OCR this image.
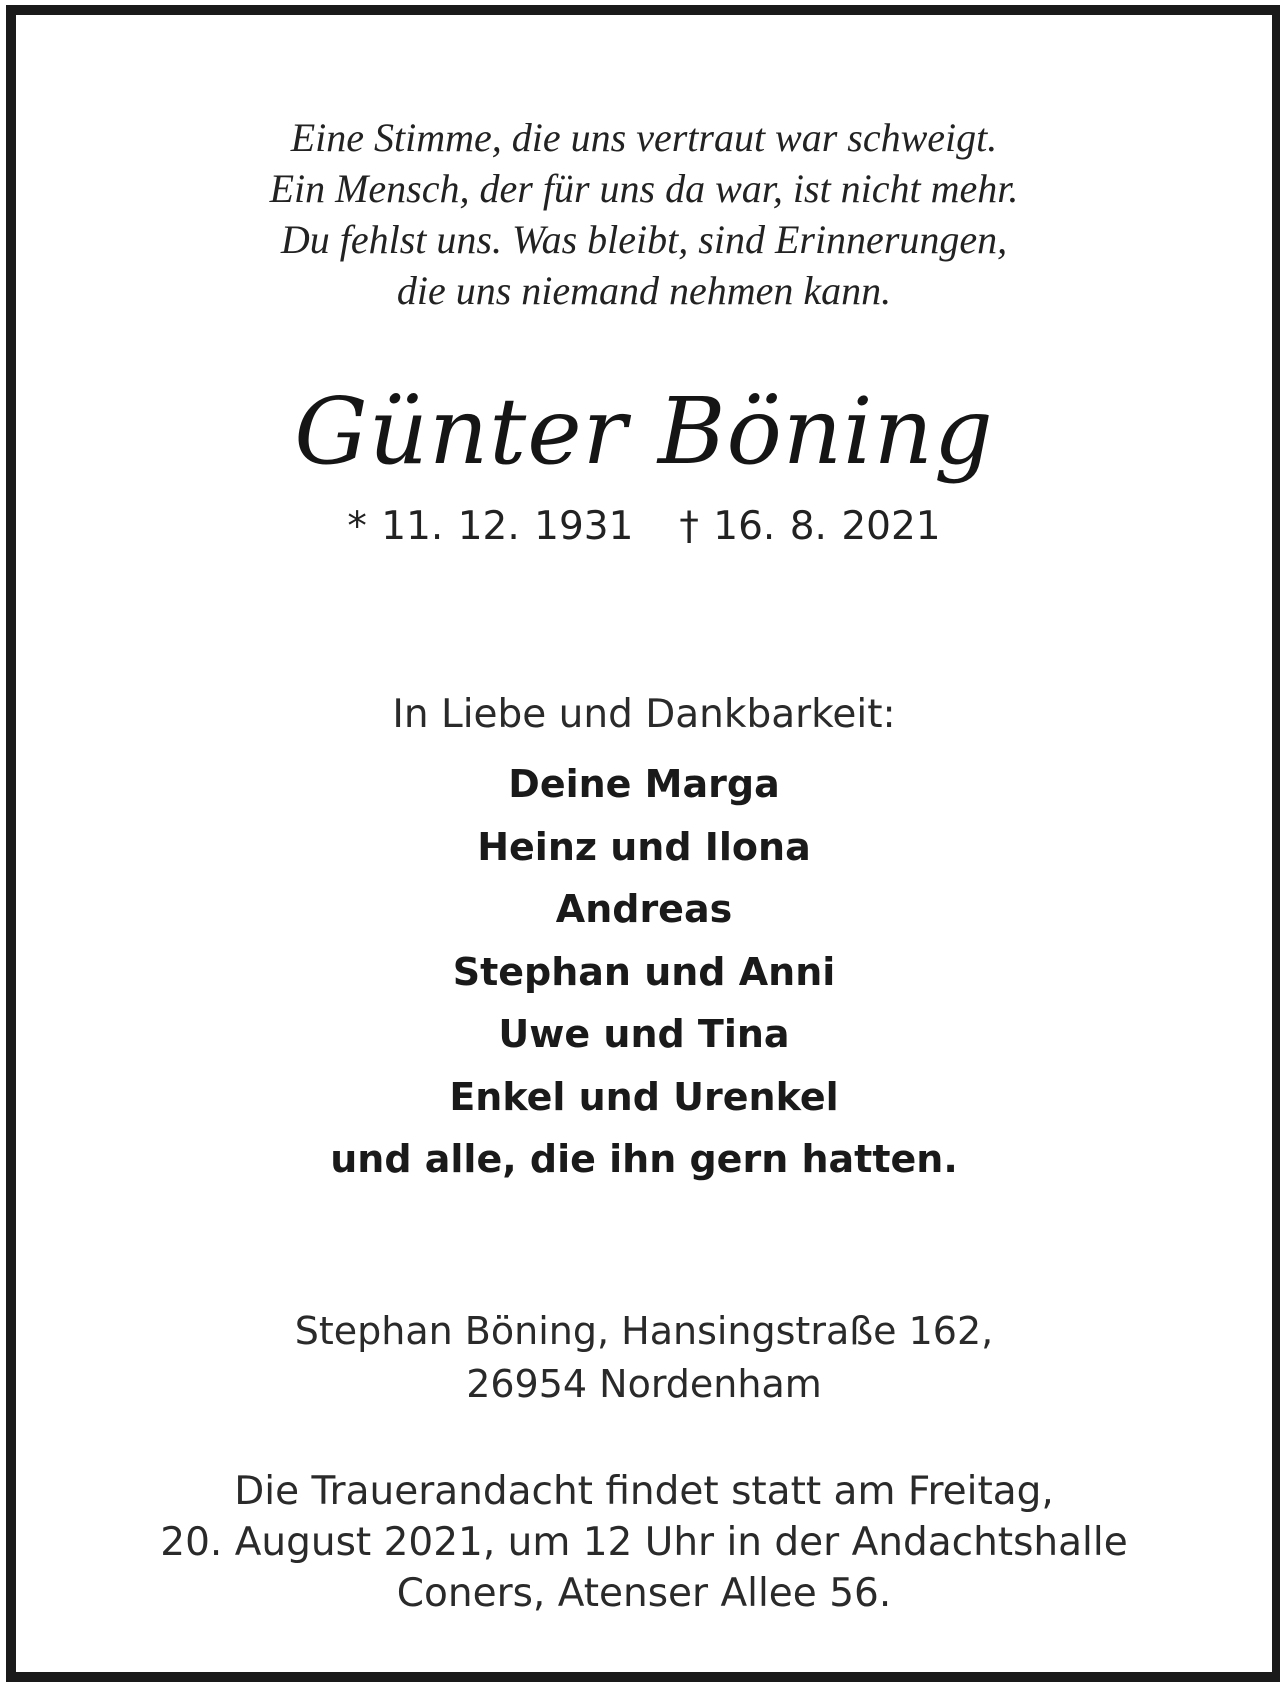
Eine Stimme, die uns vertraut war schweigt.
Ein Mensch, der für uns da war, ist nicht mehr.
Du fehlst uns. Was bleibt, sind Erinnerungen,
die uns niemand nehmen kann.
Günter Böning
* 11. 12. 1931 † 16. 8. 2021
In Liebe und Dankbarkeit:
Deine Marga
Heinz und Ilona
Andreas
Stephan und Anni
Uwe und Tina
Enkel und Urenkel
und alle, die ihn gern hatten.
Stephan Böning, Hansingstraße 162,
26954 Nordenham
Die Trauerandacht findet statt am Freitag,
20. August 2021, um 12 Uhr in der Andachtshalle
Coners, Atenser Allee 56.
